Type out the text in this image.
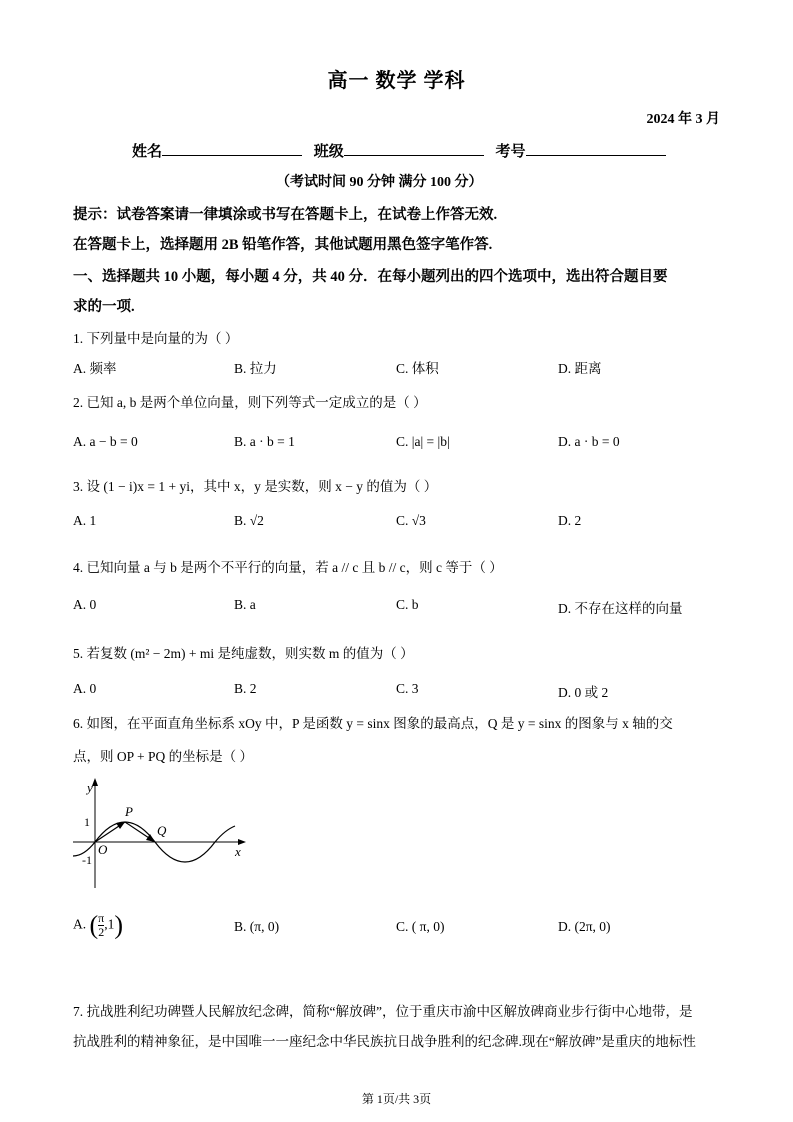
高一 数学 学科
2024 年 3 月
姓名	班级	考号
（考试时间 90 分钟 满分 100 分）
提示：试卷答案请一律填涂或书写在答题卡上，在试卷上作答无效.
在答题卡上，选择题用 2B 铅笔作答，其他试题用黑色签字笔作答.
一、选择题共 10 小题，每小题 4 分，共 40 分．在每小题列出的四个选项中，选出符合题目要
求的一项.
1. 下列量中是向量的为（ ）
A. 频率	B. 拉力	C. 体积	D. 距离
2. 已知 a, b 是两个单位向量，则下列等式一定成立的是（ ）
A. a − b = 0	B. a · b = 1	C. |a| = |b|	D. a · b = 0
3. 设 (1 − i)x = 1 + yi，其中 x，y 是实数，则 x − y 的值为（ ）
A. 1	B. √2	C. √3	D. 2
4. 已知向量 a 与 b 是两个不平行的向量，若 a // c 且 b // c，则 c 等于（ ）
A. 0	B. a	C. b	D. 不存在这样的向量
5. 若复数 (m² − 2m) + mi 是纯虚数，则实数 m 的值为（ ）
A. 0	B. 2	C. 3	D. 0 或 2
6. 如图，在平面直角坐标系 xOy 中，P 是函数 y = sinx 图象的最高点，Q 是 y = sinx 的图象与 x 轴的交
点，则 OP + PQ 的坐标是（ ）
y
1
-1
O
P
Q
x
A. ( $\frac{\pi}{2} ,1$)	B. (π, 0)	C. ( π, 0)	D. (2π, 0)
7. 抗战胜利纪功碑暨人民解放纪念碑，简称“解放碑”，位于重庆市渝中区解放碑商业步行街中心地带，是
抗战胜利的精神象征，是中国唯一一座纪念中华民族抗日战争胜利的纪念碑.现在“解放碑”是重庆的地标性
第 1页/共 3页
